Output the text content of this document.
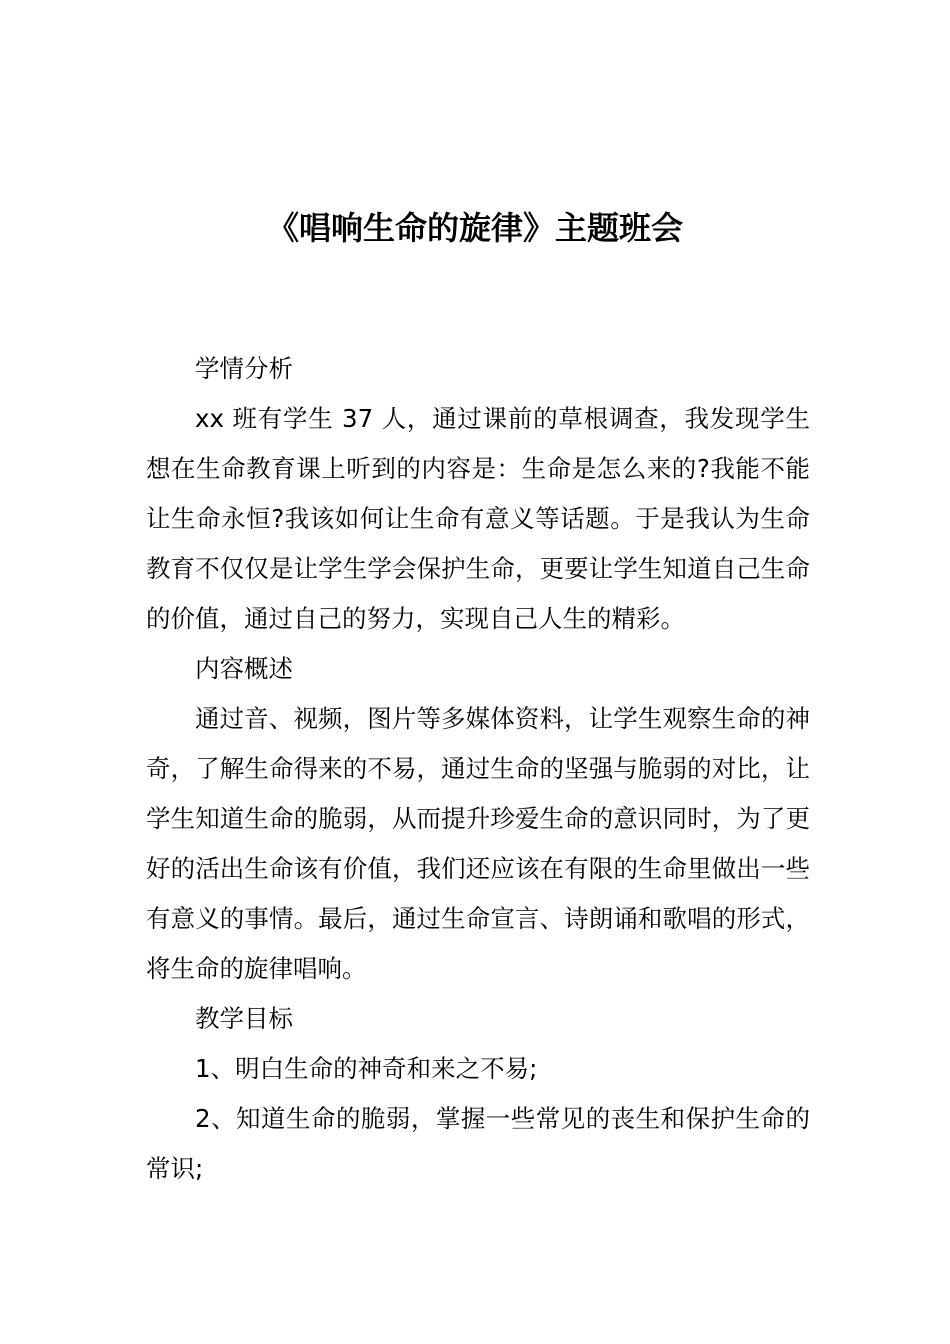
《唱响生命的旋律》主题班会

学情分析

xx 班有学生 37 人，通过课前的草根调查，我发现学生想在生命教育课上听到的内容是：生命是怎么来的?我能不能让生命永恒?我该如何让生命有意义等话题。于是我认为生命教育不仅仅是让学生学会保护生命，更要让学生知道自己生命的价值，通过自己的努力，实现自己人生的精彩。

内容概述

通过音、视频，图片等多媒体资料，让学生观察生命的神奇，了解生命得来的不易，通过生命的坚强与脆弱的对比，让学生知道生命的脆弱，从而提升珍爱生命的意识同时，为了更好的活出生命该有价值，我们还应该在有限的生命里做出一些有意义的事情。最后，通过生命宣言、诗朗诵和歌唱的形式，将生命的旋律唱响。

教学目标

1、明白生命的神奇和来之不易;

2、知道生命的脆弱，掌握一些常见的丧生和保护生命的常识;
